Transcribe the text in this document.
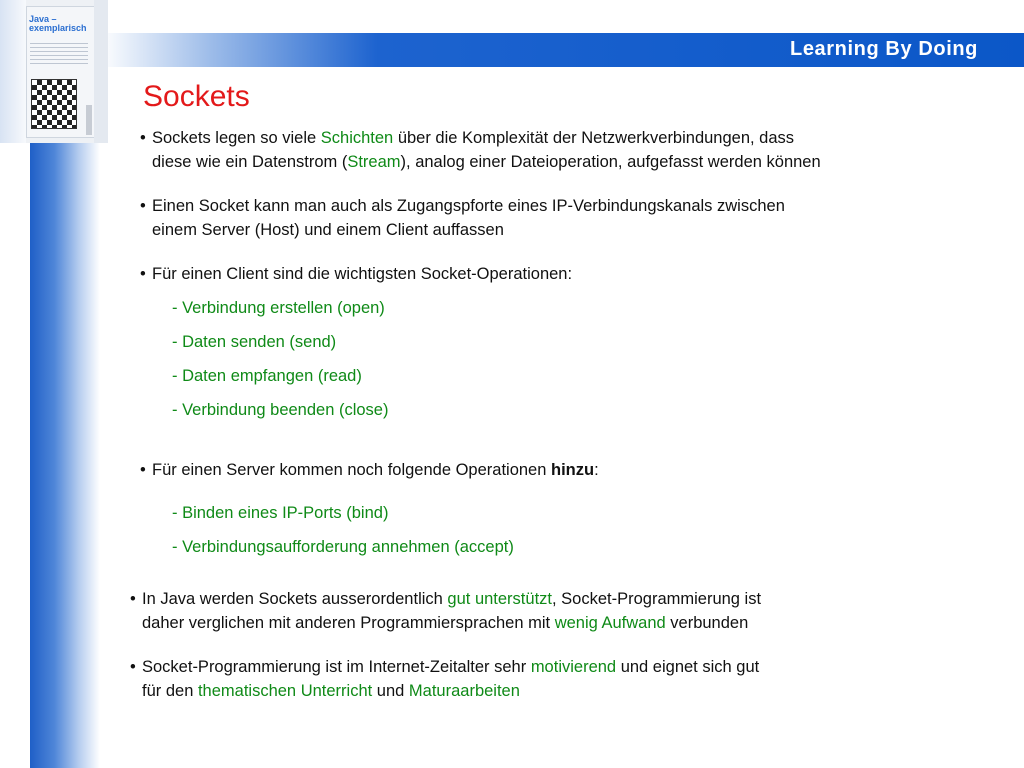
Learning By Doing
Java – exemplarisch
Sockets
• Sockets legen so viele Schichten über die Komplexität der Netzwerkverbindungen, dass
diese wie ein Datenstrom (Stream), analog einer Dateioperation, aufgefasst werden können
• Einen Socket kann man auch als Zugangspforte eines IP-Verbindungskanals zwischen
einem Server (Host) und einem Client auffassen
• Für einen Client sind die wichtigsten Socket-Operationen:
- Verbindung erstellen (open)
- Daten senden (send)
- Daten empfangen (read)
- Verbindung beenden (close)
• Für einen Server kommen noch folgende Operationen hinzu:
- Binden eines IP-Ports (bind)
- Verbindungsaufforderung annehmen (accept)
• In Java werden Sockets ausserordentlich gut unterstützt, Socket-Programmierung ist
daher verglichen mit anderen Programmiersprachen mit wenig Aufwand verbunden
• Socket-Programmierung ist im Internet-Zeitalter sehr motivierend und eignet sich gut
für den thematischen Unterricht und Maturaarbeiten
